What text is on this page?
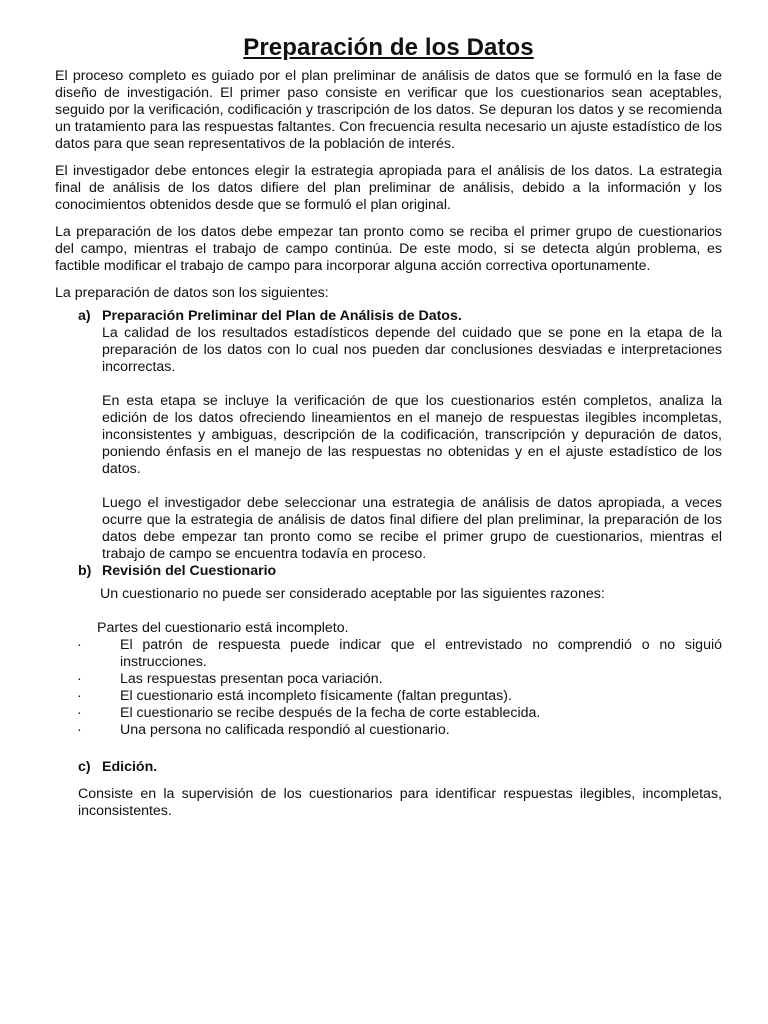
Preparación de los Datos

El proceso completo es guiado por el plan preliminar de análisis de datos que se formuló en la fase de diseño de investigación. El primer paso consiste en verificar que los cuestionarios sean aceptables, seguido por la verificación, codificación y trascripción de los datos. Se depuran los datos y se recomienda un tratamiento para las respuestas faltantes. Con frecuencia resulta necesario un ajuste estadístico de los datos para que sean representativos de la población de interés.

El investigador debe entonces elegir la estrategia apropiada para el análisis de los datos. La estrategia final de análisis de los datos difiere del plan preliminar de análisis, debido a la información y los conocimientos obtenidos desde que se formuló el plan original.

La preparación de los datos debe empezar tan pronto como se reciba el primer grupo de cuestionarios del campo, mientras el trabajo de campo continúa. De este modo, si se detecta algún problema, es factible modificar el trabajo de campo para incorporar alguna acción correctiva oportunamente.

La preparación de datos son los siguientes:

a) Preparación Preliminar del Plan de Análisis de Datos.

La calidad de los resultados estadísticos depende del cuidado que se pone en la etapa de la preparación de los datos con lo cual nos pueden dar conclusiones desviadas e interpretaciones incorrectas.

En esta etapa se incluye la verificación de que los cuestionarios estén completos, analiza la edición de los datos ofreciendo lineamientos en el manejo de respuestas ilegibles incompletas, inconsistentes y ambiguas, descripción de la codificación, transcripción y depuración de datos, poniendo énfasis en el manejo de las respuestas no obtenidas y en el ajuste estadístico de los datos.

Luego el investigador debe seleccionar una estrategia de análisis de datos apropiada, a veces ocurre que la estrategia de análisis de datos final difiere del plan preliminar, la preparación de los datos debe empezar tan pronto como se recibe el primer grupo de cuestionarios, mientras el trabajo de campo se encuentra todavía en proceso.

b) Revisión del Cuestionario

Un cuestionario no puede ser considerado aceptable por las siguientes razones:

Partes del cuestionario está incompleto.

·	El patrón de respuesta puede indicar que el entrevistado no comprendió o no siguió instrucciones.
·	Las respuestas presentan poca variación.
·	El cuestionario está incompleto físicamente (faltan preguntas).
·	El cuestionario se recibe después de la fecha de corte establecida.
·	Una persona no calificada respondió al cuestionario.
c) Edición.

Consiste en la supervisión de los cuestionarios para identificar respuestas ilegibles, incompletas, inconsistentes.
